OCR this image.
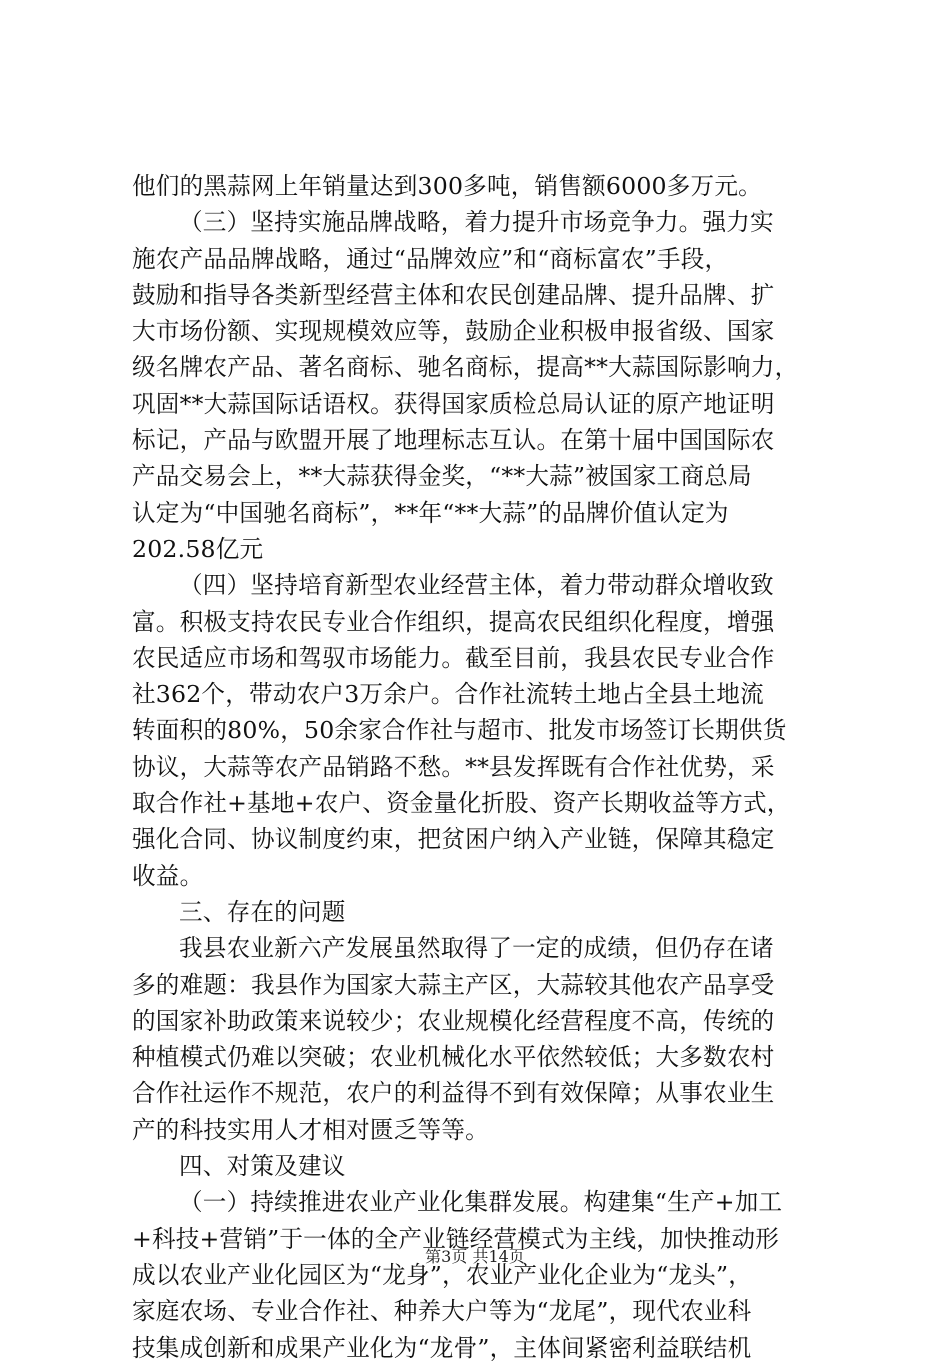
他们的黑蒜网上年销量达到300多吨，销售额6000多万元。
（三）坚持实施品牌战略，着力提升市场竞争力。强力实
施农产品品牌战略，通过“品牌效应”和“商标富农”手段，
鼓励和指导各类新型经营主体和农民创建品牌、提升品牌、扩
大市场份额、实现规模效应等，鼓励企业积极申报省级、国家
级名牌农产品、著名商标、驰名商标，提高**大蒜国际影响力，
巩固**大蒜国际话语权。获得国家质检总局认证的原产地证明
标记，产品与欧盟开展了地理标志互认。在第十届中国国际农
产品交易会上，**大蒜获得金奖，“**大蒜”被国家工商总局
认定为“中国驰名商标”，**年“**大蒜”的品牌价值认定为
202.58亿元
（四）坚持培育新型农业经营主体，着力带动群众增收致
富。积极支持农民专业合作组织，提高农民组织化程度，增强
农民适应市场和驾驭市场能力。截至目前，我县农民专业合作
社362个，带动农户3万余户。合作社流转土地占全县土地流
转面积的80%，50余家合作社与超市、批发市场签订长期供货
协议，大蒜等农产品销路不愁。**县发挥既有合作社优势，采
取合作社+基地+农户、资金量化折股、资产长期收益等方式，
强化合同、协议制度约束，把贫困户纳入产业链，保障其稳定
收益。
三、存在的问题
我县农业新六产发展虽然取得了一定的成绩，但仍存在诸
多的难题：我县作为国家大蒜主产区，大蒜较其他农产品享受
的国家补助政策来说较少；农业规模化经营程度不高，传统的
种植模式仍难以突破；农业机械化水平依然较低；大多数农村
合作社运作不规范，农户的利益得不到有效保障；从事农业生
产的科技实用人才相对匮乏等等。
四、对策及建议
（一）持续推进农业产业化集群发展。构建集“生产+加工
+科技+营销”于一体的全产业链经营模式为主线，加快推动形
成以农业产业化园区为“龙身”，农业产业化企业为“龙头”，
家庭农场、专业合作社、种养大户等为“龙尾”，现代农业科
技集成创新和成果产业化为“龙骨”，主体间紧密利益联结机
第3页 共14页
